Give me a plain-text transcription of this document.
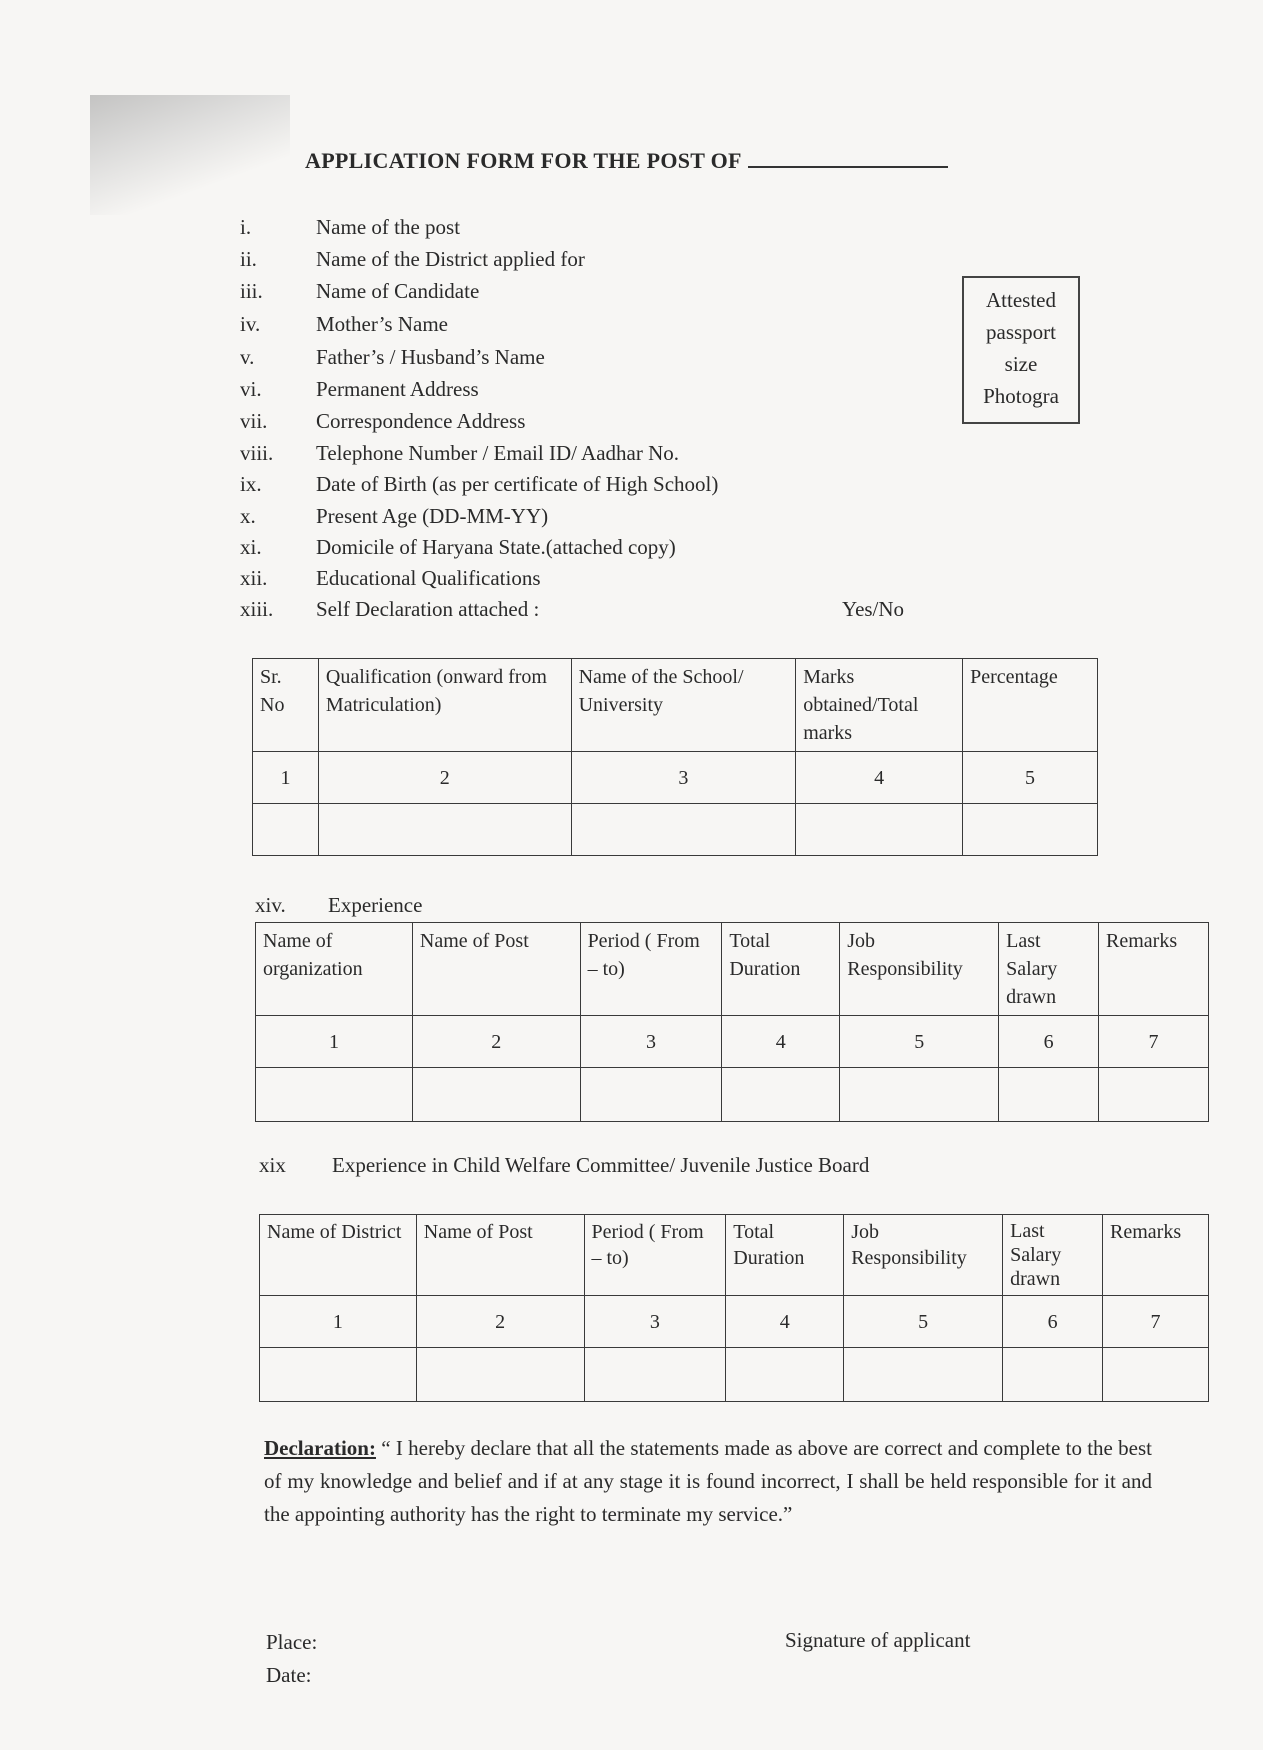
APPLICATION FORM FOR THE POST OF
i.	Name of the post
ii.	Name of the District applied for
iii.	Name of Candidate
iv.	Mother’s Name
v.	Father’s / Husband’s Name
vi.	Permanent Address
vii. Correspondence Address
viii. Telephone Number / Email ID/ Aadhar No.
ix.	Date of Birth (as per certificate of High School)
x.	Present Age (DD-MM-YY)
xi.	Domicile of Haryana State.(attached copy)
xii. Educational Qualifications
xiii. Self Declaration attached :	Yes/No
Attested
passport
size
Photogra
Sr. No	Qualification (onward from Matriculation)	Name of the School/ University	Marks obtained/Total marks	Percentage
1	2	3	4	5

xiv. Experience
Name of organization	Name of Post	Period ( From – to)	Total Duration	Job Responsibility	Last Salary drawn	Remarks
1	2	3	4	5	6	7

xix Experience in Child Welfare Committee/ Juvenile Justice Board
Name of District	Name of Post	Period ( From – to)	Total Duration	Job Responsibility	Last Salary drawn	Remarks
1	2	3	4	5	6	7

Declaration: “ I hereby declare that all the statements made as above are correct and complete to the best of my knowledge and belief and if at any stage it is found incorrect, I shall be held responsible for it and the appointing authority has the right to terminate my service.”
Place:
Date:
Signature of applicant
